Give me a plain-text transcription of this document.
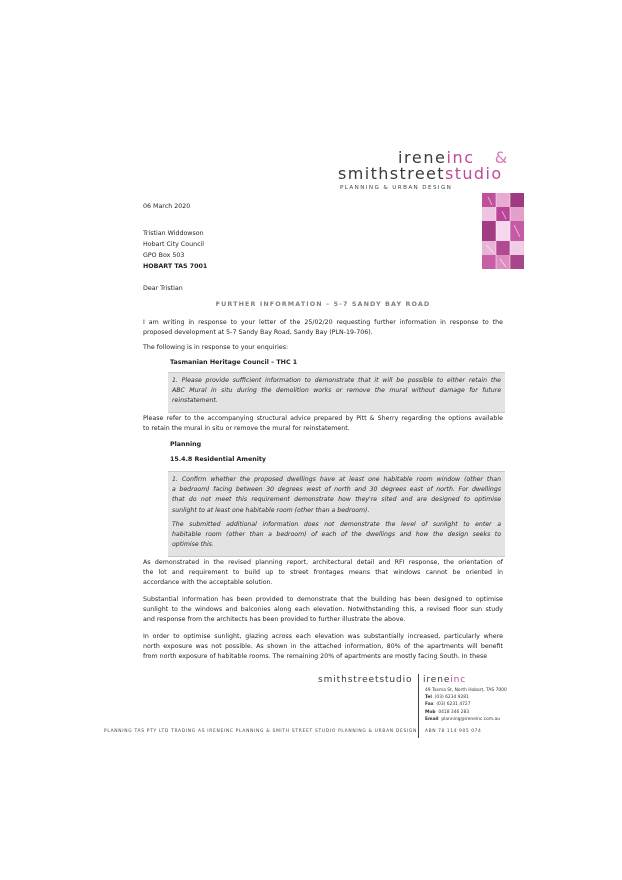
ireneinc &
smithstreetstudio
PLANNING & URBAN DESIGN
06 March 2020
Tristian Widdowson
Hobart City Council
GPO Box 503
HOBART TAS 7001
Dear Tristian
FURTHER INFORMATION – 5-7 SANDY BAY ROAD
I am writing in response to your letter of the 25/02/20 requesting further information in response to the
proposed development at 5-7 Sandy Bay Road, Sandy Bay (PLN-19-706).
The following is in response to your enquiries:
Tasmanian Heritage Council – THC 1
1. Please provide sufficient information to demonstrate that it will be possible to either retain the
ABC Mural in situ during the demolition works or remove the mural without damage for future
reinstatement.
Please refer to the accompanying structural advice prepared by Pitt & Sherry regarding the options available
to retain the mural in situ or remove the mural for reinstatement.
Planning
15.4.8 Residential Amenity
1. Confirm whether the proposed dwellings have at least one habitable room window (other than
a bedroom) facing between 30 degrees west of north and 30 degrees east of north. For dwellings
that do not meet this requirement demonstrate how they're sited and are designed to optimise
sunlight to at least one habitable room (other than a bedroom).
The submitted additional information does not demonstrate the level of sunlight to enter a
habitable room (other than a bedroom) of each of the dwellings and how the design seeks to
optimise this.
As demonstrated in the revised planning report, architectural detail and RFI response, the orientation of
the lot and requirement to build up to street frontages means that windows cannot be oriented in
accordance with the acceptable solution.
Substantial information has been provided to demonstrate that the building has been designed to optimise
sunlight to the windows and balconies along each elevation. Notwithstanding this, a revised floor sun study
and response from the architects has been provided to further illustrate the above.
In order to optimise sunlight, glazing across each elevation was substantially increased, particularly where
north exposure was not possible. As shown in the attached information, 80% of the apartments will benefit
from north exposure of habitable rooms. The remaining 20% of apartments are mostly facing South. In these
smithstreetstudio ireneinc
49 Tasma St, North Hobart, TAS 7000
Tel (03) 6234 9281
Fax (03) 6231 4727
Mob 0418 346 283
Email planning@ireneinc.com.au
PLANNING TAS PTY LTD TRADING AS IRENEINC PLANNING & SMITH STREET STUDIO PLANNING & URBAN DESIGN ABN 78 114 905 074
